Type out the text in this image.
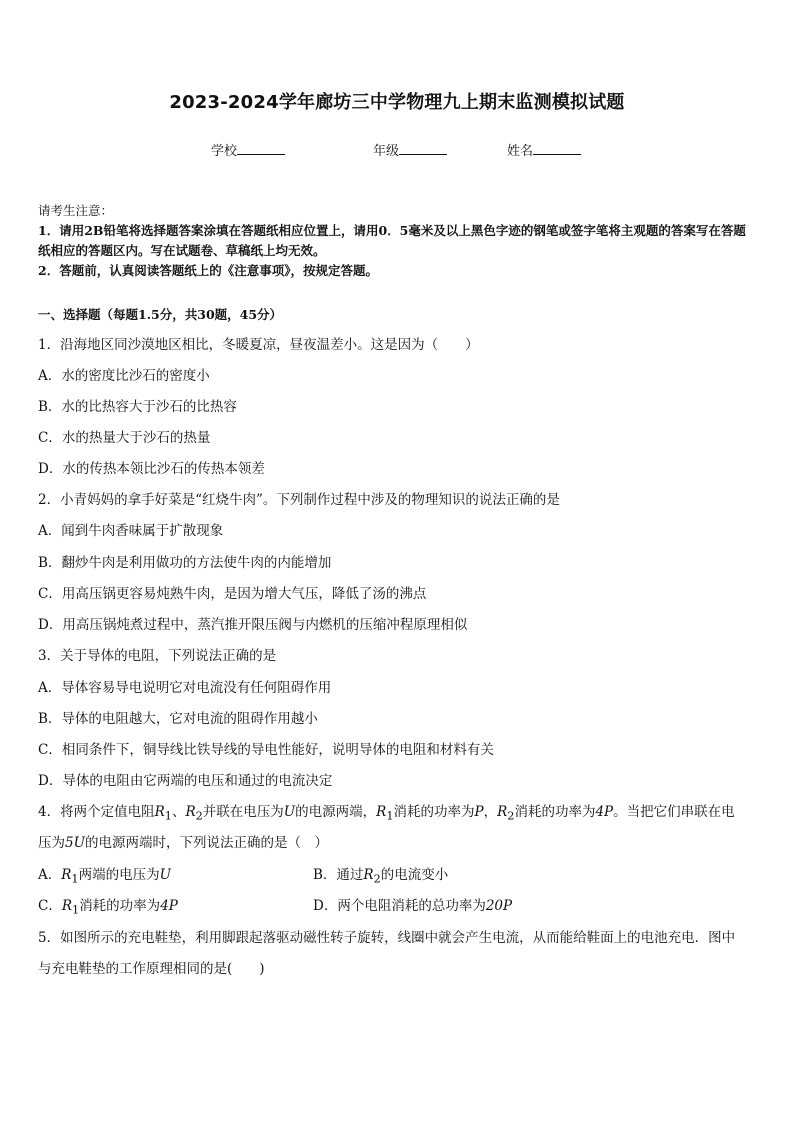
2023-2024学年廊坊三中学物理九上期末监测模拟试题
学校	年级	姓名
请考生注意：
1．请用2B铅笔将选择题答案涂填在答题纸相应位置上，请用0．5毫米及以上黑色字迹的钢笔或签字笔将主观题的答案写在答题纸相应的答题区内。写在试题卷、草稿纸上均无效。
2．答题前，认真阅读答题纸上的《注意事项》，按规定答题。
一、选择题（每题1.5分，共30题，45分）
1．沿海地区同沙漠地区相比，冬暖夏凉，昼夜温差小。这是因为（　　）
A．水的密度比沙石的密度小
B．水的比热容大于沙石的比热容
C．水的热量大于沙石的热量
D．水的传热本领比沙石的传热本领差
2．小青妈妈的拿手好菜是“红烧牛肉”。下列制作过程中涉及的物理知识的说法正确的是
A．闻到牛肉香味属于扩散现象
B．翻炒牛肉是利用做功的方法使牛肉的内能增加
C．用高压锅更容易炖熟牛肉，是因为增大气压，降低了汤的沸点
D．用高压锅炖煮过程中，蒸汽推开限压阀与内燃机的压缩冲程原理相似
3．关于导体的电阻，下列说法正确的是
A．导体容易导电说明它对电流没有任何阻碍作用
B．导体的电阻越大，它对电流的阻碍作用越小
C．相同条件下，铜导线比铁导线的导电性能好，说明导体的电阻和材料有关
D．导体的电阻由它两端的电压和通过的电流决定
4．将两个定值电阻$R_1$、$R_2$并联在电压为U的电源两端，$R_1$消耗的功率为P，$R_2$消耗的功率为4P。当把它们串联在电
压为5U的电源两端时，下列说法正确的是（　）
A．$R_1$两端的电压为U	B．通过$R_2$的电流变小
C．$R_1$消耗的功率为4P	D．两个电阻消耗的总功率为20P
5．如图所示的充电鞋垫，利用脚跟起落驱动磁性转子旋转，线圈中就会产生电流，从而能给鞋面上的电池充电．图中
与充电鞋垫的工作原理相同的是(　　)
